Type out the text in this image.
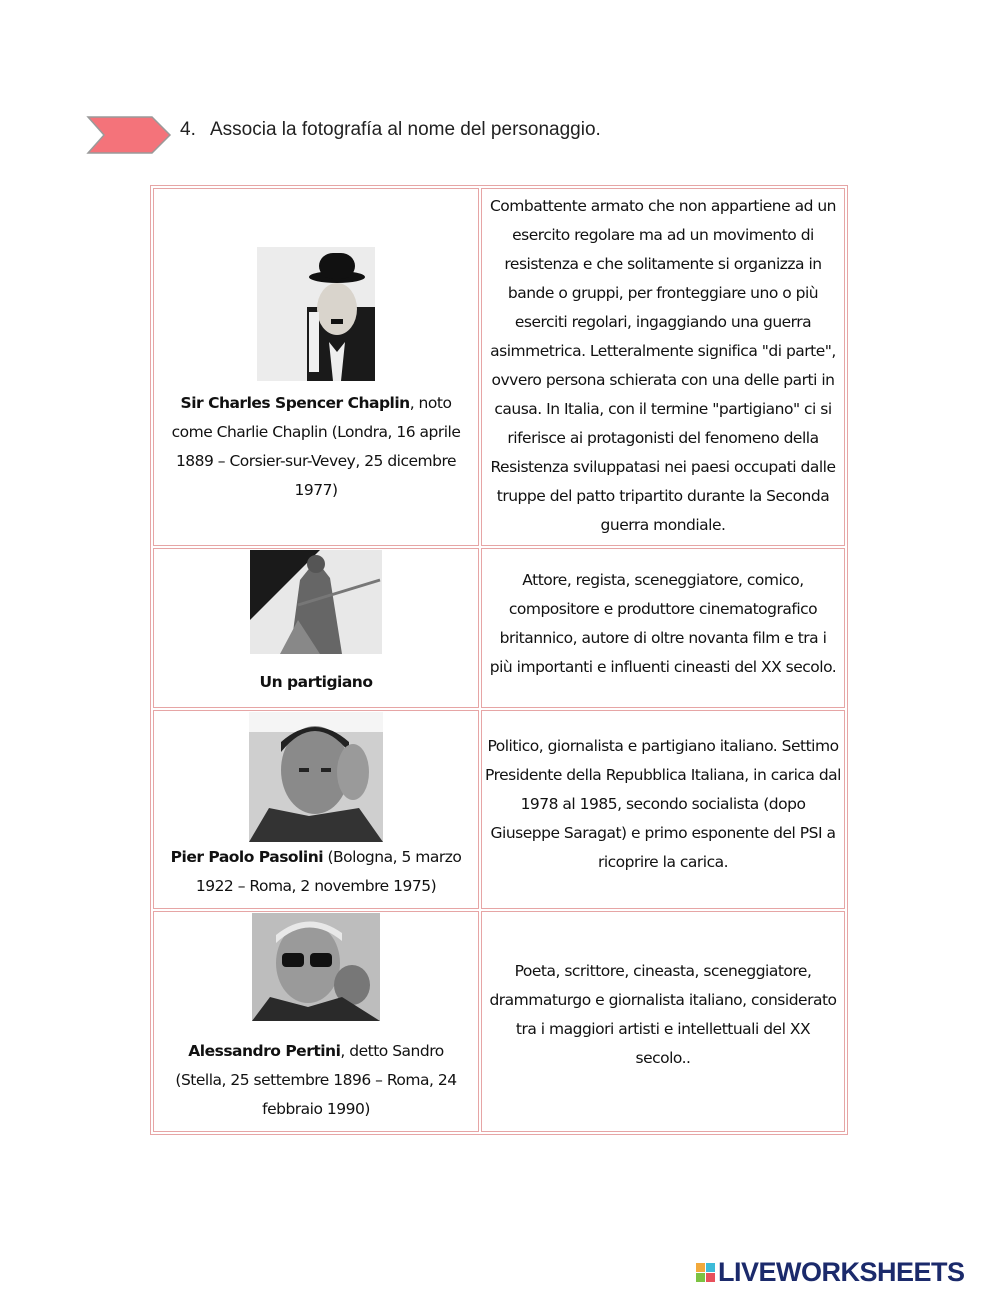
4. Associa la fotografía al nome del personaggio.
Sir Charles Spencer Chaplin, noto come Charlie Chaplin (Londra, 16 aprile 1889 – Corsier-sur-Vevey, 25 dicembre 1977)	Combattente armato che non appartiene ad un esercito regolare ma ad un movimento di resistenza e che solitamente si organizza in bande o gruppi, per fronteggiare uno o più eserciti regolari, ingaggiando una guerra asimmetrica. Letteralmente significa "di parte", ovvero persona schierata con una delle parti in causa. In Italia, con il termine "partigiano" ci si riferisce ai protagonisti del fenomeno della Resistenza sviluppatasi nei paesi occupati dalle truppe del patto tripartito durante la Seconda guerra mondiale.

Un partigiano	Attore, regista, sceneggiatore, comico, compositore e produttore cinematografico britannico, autore di oltre novanta film e tra i più importanti e influenti cineasti del XX secolo.

Pier Paolo Pasolini (Bologna, 5 marzo 1922 – Roma, 2 novembre 1975)	Politico, giornalista e partigiano italiano. Settimo Presidente della Repubblica Italiana, in carica dal 1978 al 1985, secondo socialista (dopo Giuseppe Saragat) e primo esponente del PSI a ricoprire la carica.

Alessandro Pertini, detto Sandro (Stella, 25 settembre 1896 – Roma, 24 febbraio 1990)	Poeta, scrittore, cineasta, sceneggiatore, drammaturgo e giornalista italiano, considerato tra i maggiori artisti e intellettuali del XX secolo..
LIVEWORKSHEETS
